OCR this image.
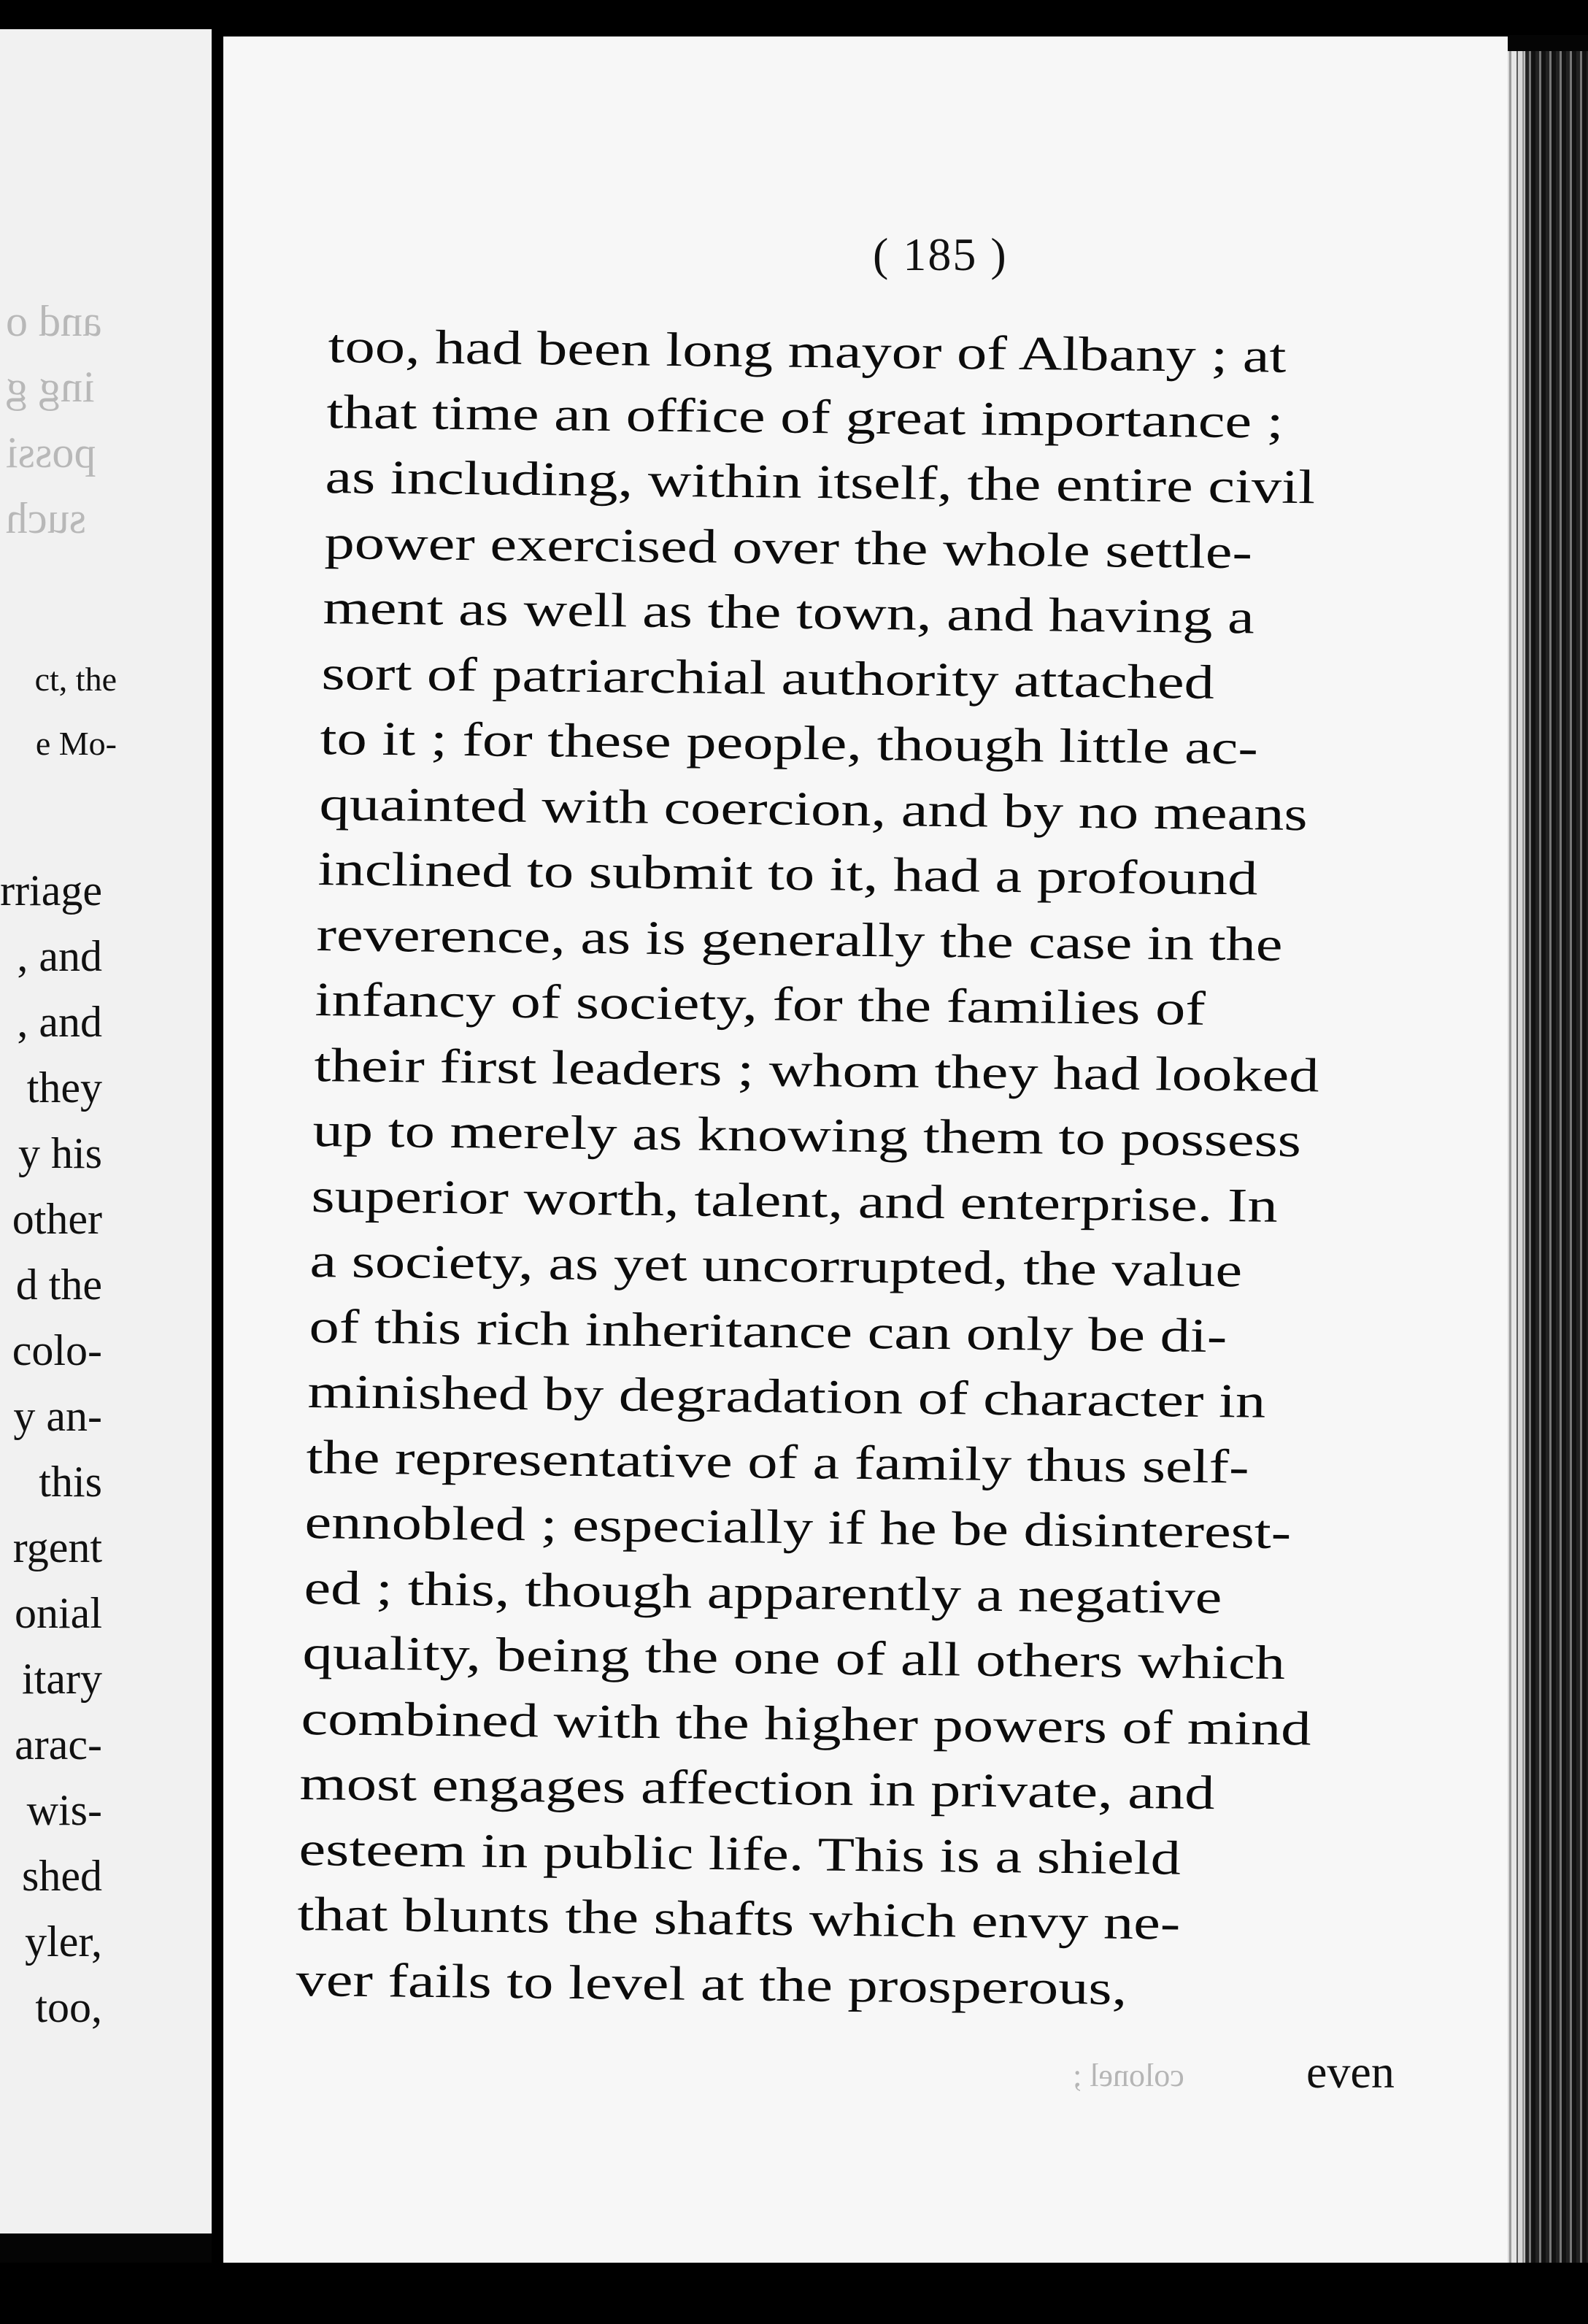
ct, the
e Mo-
rriage
, and
, and
they
y his
other
d the
colo-
y an-
this
rgent
onial
itary
arac-
wis-
shed
yler,
too,
and o
ing g
possi
such
( 185 )
too, had been long mayor of Albany ; at
that time an office of great importance ;
as including, within itself, the entire civil
power exercised over the whole settle-
ment as well as the town, and having a
sort of patriarchial authority attached
to it ; for these people, though little ac-
quainted with coercion, and by no means
inclined to submit to it, had a profound
reverence, as is generally the case in the
infancy of society, for the families of
their first leaders ; whom they had looked
up to merely as knowing them to possess
superior worth, talent, and enterprise. In
a society, as yet uncorrupted, the value
of this rich inheritance can only be di-
minished by degradation of character in
the representative of a family thus self-
ennobled ; especially if he be disinterest-
ed ; this, though apparently a negative
quality, being the one of all others which
combined with the higher powers of mind
most engages affection in private, and
esteem in public life. This is a shield
that blunts the shafts which envy ne-
ver fails to level at the prosperous,
colonel ;	even
